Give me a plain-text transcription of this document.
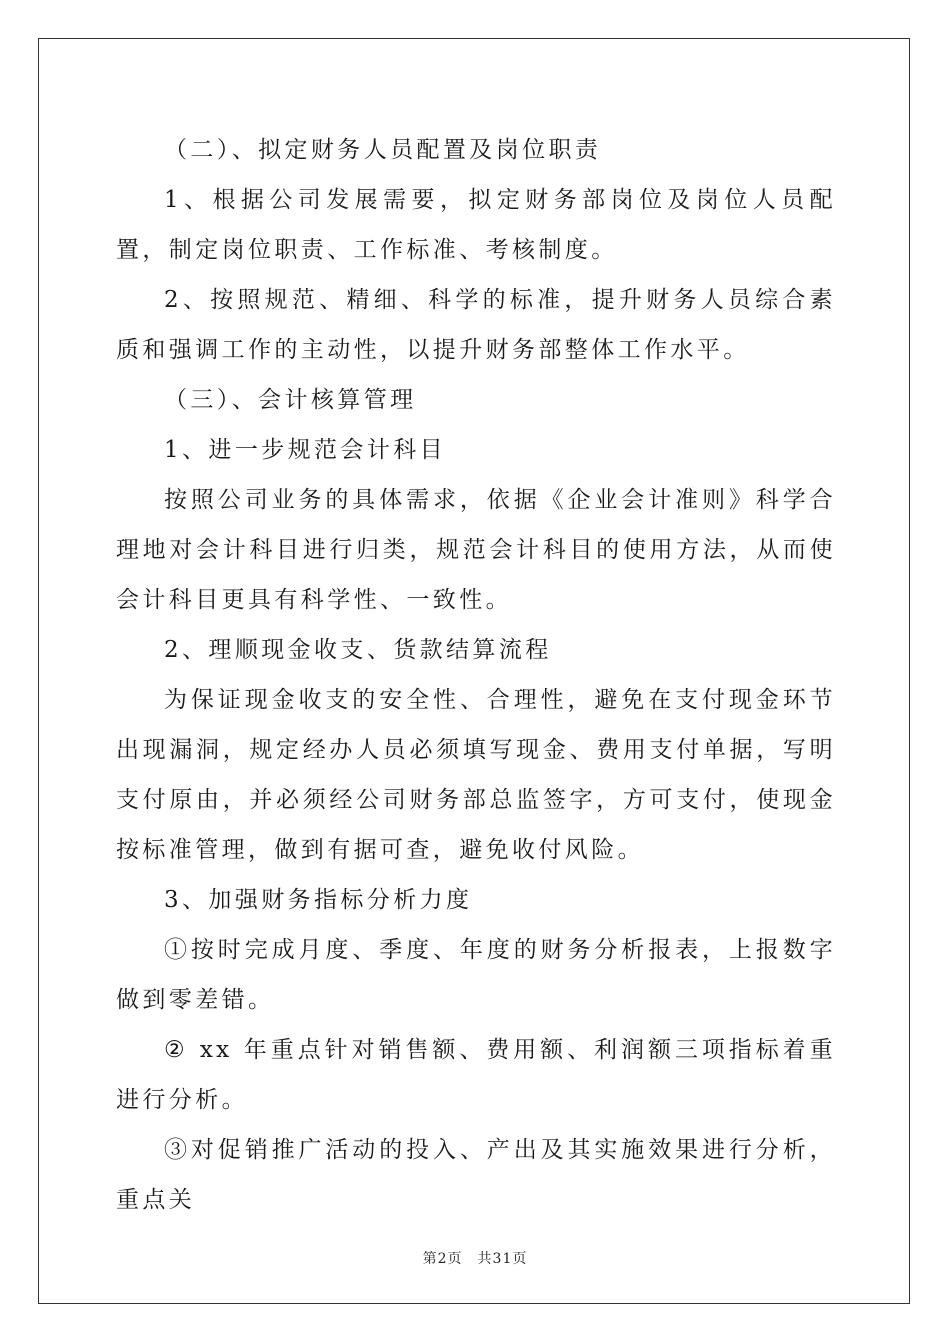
（二）、拟定财务人员配置及岗位职责

1、根据公司发展需要，拟定财务部岗位及岗位人员配置，制定岗位职责、工作标准、考核制度。

2、按照规范、精细、科学的标准，提升财务人员综合素质和强调工作的主动性，以提升财务部整体工作水平。

（三）、会计核算管理

1、进一步规范会计科目

按照公司业务的具体需求，依据《企业会计准则》科学合理地对会计科目进行归类，规范会计科目的使用方法，从而使会计科目更具有科学性、一致性。

2、理顺现金收支、货款结算流程

为保证现金收支的安全性、合理性，避免在支付现金环节出现漏洞，规定经办人员必须填写现金、费用支付单据，写明支付原由，并必须经公司财务部总监签字，方可支付，使现金按标准管理，做到有据可查，避免收付风险。

3、加强财务指标分析力度

①按时完成月度、季度、年度的财务分析报表，上报数字做到零差错。

② xx 年重点针对销售额、费用额、利润额三项指标着重进行分析。

③对促销推广活动的投入、产出及其实施效果进行分析，重点关

第2页　共31页
